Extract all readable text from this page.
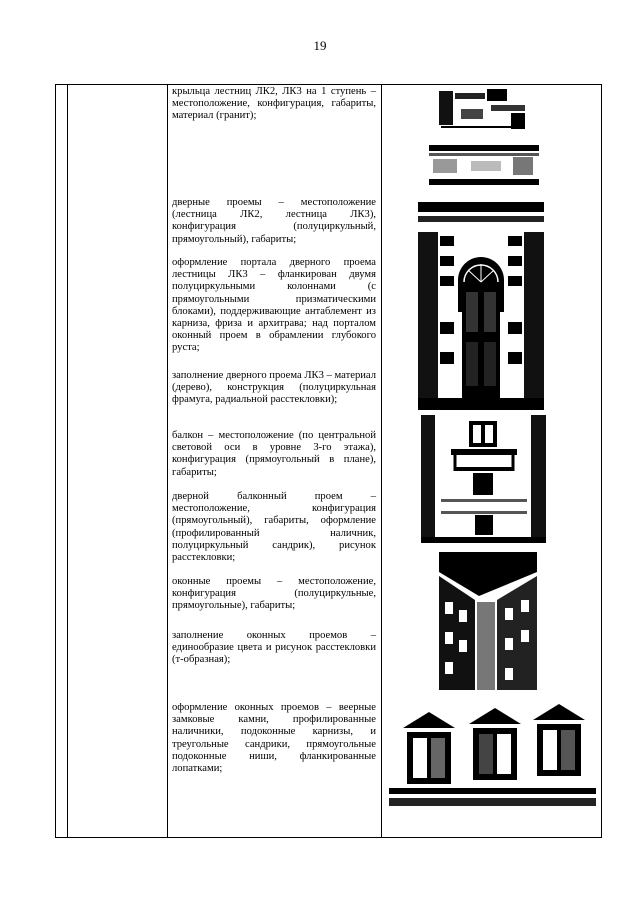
19
крыльца лестниц ЛК2, ЛК3 на 1 ступень – местоположение, конфигурация, габариты, материал (гранит);
дверные проемы – местоположение (лестница ЛК2, лестница ЛК3), конфигурация (полуциркульный, прямоугольный), габариты;
оформление портала дверного проема лестницы ЛК3 – фланкирован двумя полуциркульными колоннами (с прямоугольными призматическими блоками), поддерживающие антаблемент из карниза, фриза и архитрава; над порталом оконный проем в обрамлении глубокого руста;
заполнение дверного проема ЛК3 – материал (дерево), конструкция (полуциркульная фрамуга, радиальной расстекловки);
балкон – местоположение (по центральной световой оси в уровне 3-го этажа), конфигурация (прямоугольный в плане), габариты;
дверной балконный проем – местоположение, конфигурация (прямоугольный), габариты, оформление (профилированный наличник, полуциркульный сандрик), рисунок расстекловки;
оконные проемы – местоположение, конфигурация (полуциркульные, прямоугольные), габариты;
заполнение оконных проемов – единообразие цвета и рисунок расстекловки (т-образная);
оформление оконных проемов – веерные замковые камни, профилированные наличники, подоконные карнизы, и треугольные сандрики, прямоугольные подоконные ниши, фланкированные лопатками;
